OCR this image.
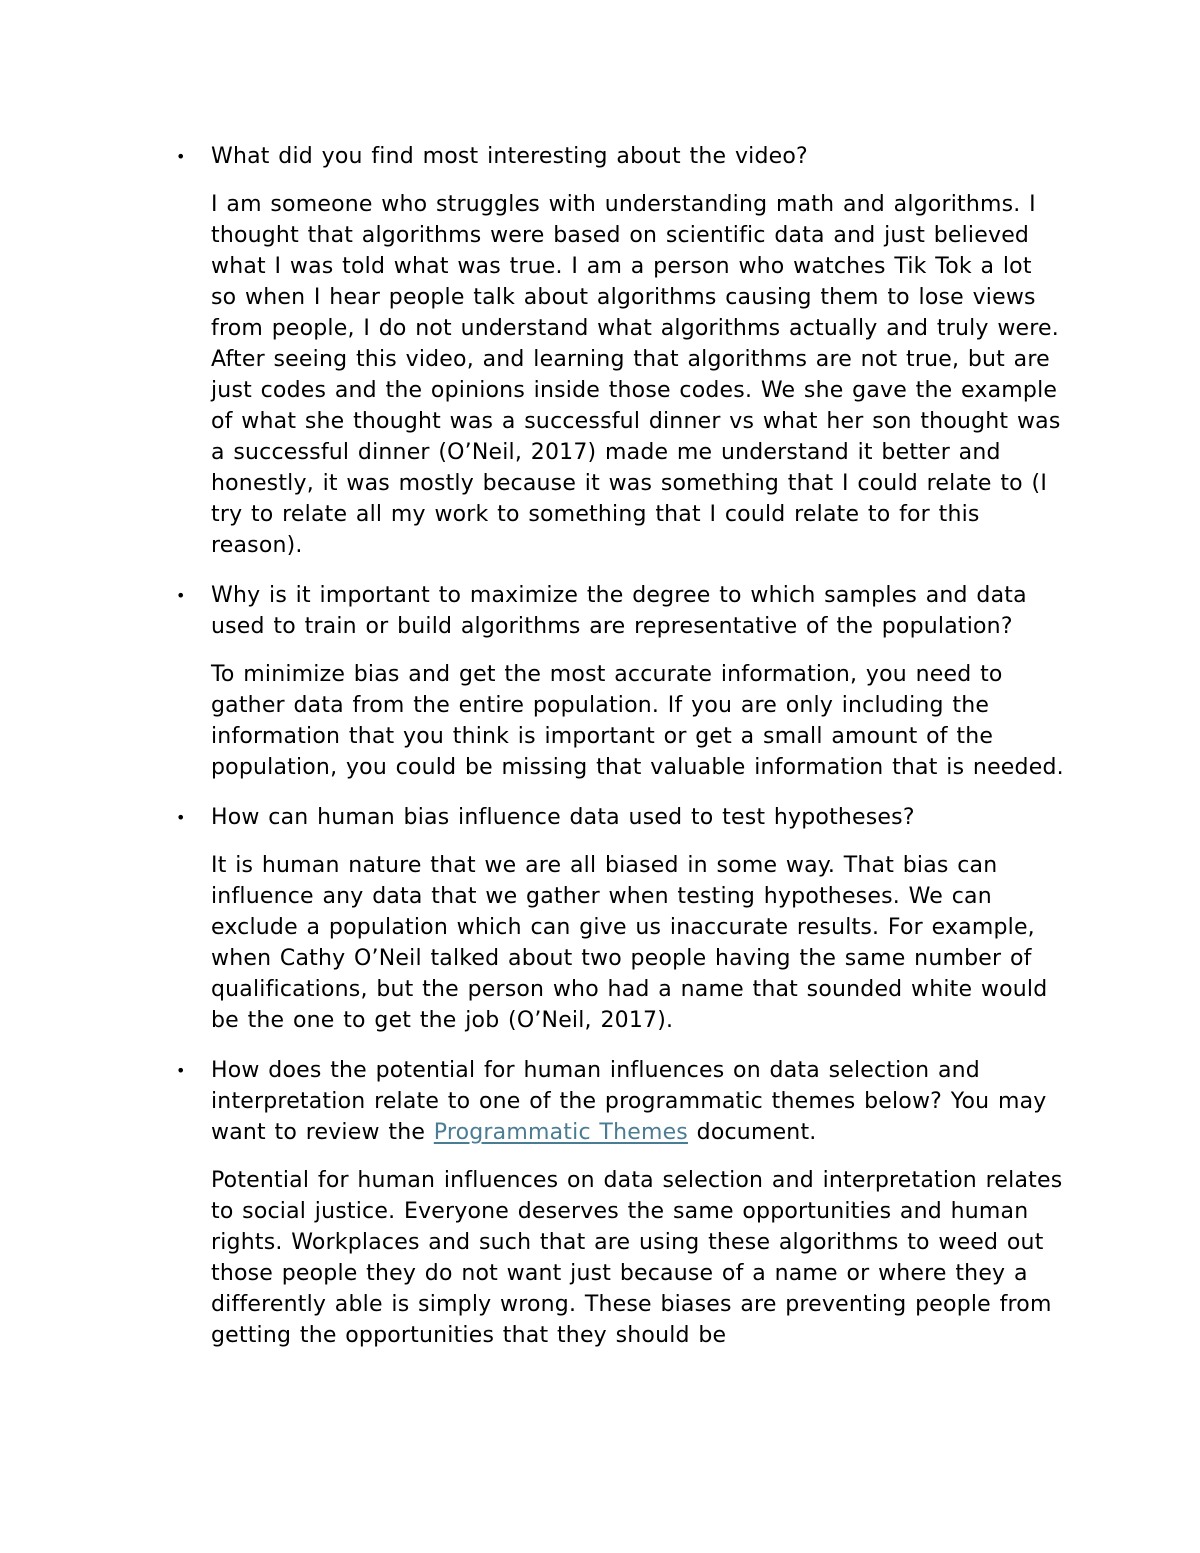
•	What did you find most interesting about the video?
I am someone who struggles with understanding math and algorithms. I thought that algorithms were based on scientific data and just believed what I was told what was true. I am a person who watches Tik Tok a lot so when I hear people talk about algorithms causing them to lose views from people, I do not understand what algorithms actually and truly were. After seeing this video, and learning that algorithms are not true, but are just codes and the opinions inside those codes. We she gave the example of what she thought was a successful dinner vs what her son thought was a successful dinner (O’Neil, 2017) made me understand it better and honestly, it was mostly because it was something that I could relate to (I try to relate all my work to something that I could relate to for this reason).
•	Why is it important to maximize the degree to which samples and data used to train or build algorithms are representative of the population?
To minimize bias and get the most accurate information, you need to gather data from the entire population. If you are only including the information that you think is important or get a small amount of the population, you could be missing that valuable information that is needed.
•	How can human bias influence data used to test hypotheses?
It is human nature that we are all biased in some way. That bias can influence any data that we gather when testing hypotheses. We can exclude a population which can give us inaccurate results. For example, when Cathy O’Neil talked about two people having the same number of qualifications, but the person who had a name that sounded white would be the one to get the job (O’Neil, 2017).
•	How does the potential for human influences on data selection and interpretation relate to one of the programmatic themes below? You may want to review the Programmatic Themes document.
Potential for human influences on data selection and interpretation relates to social justice. Everyone deserves the same opportunities and human rights. Workplaces and such that are using these algorithms to weed out those people they do not want just because of a name or where they a differently able is simply wrong. These biases are preventing people from getting the opportunities that they should be
